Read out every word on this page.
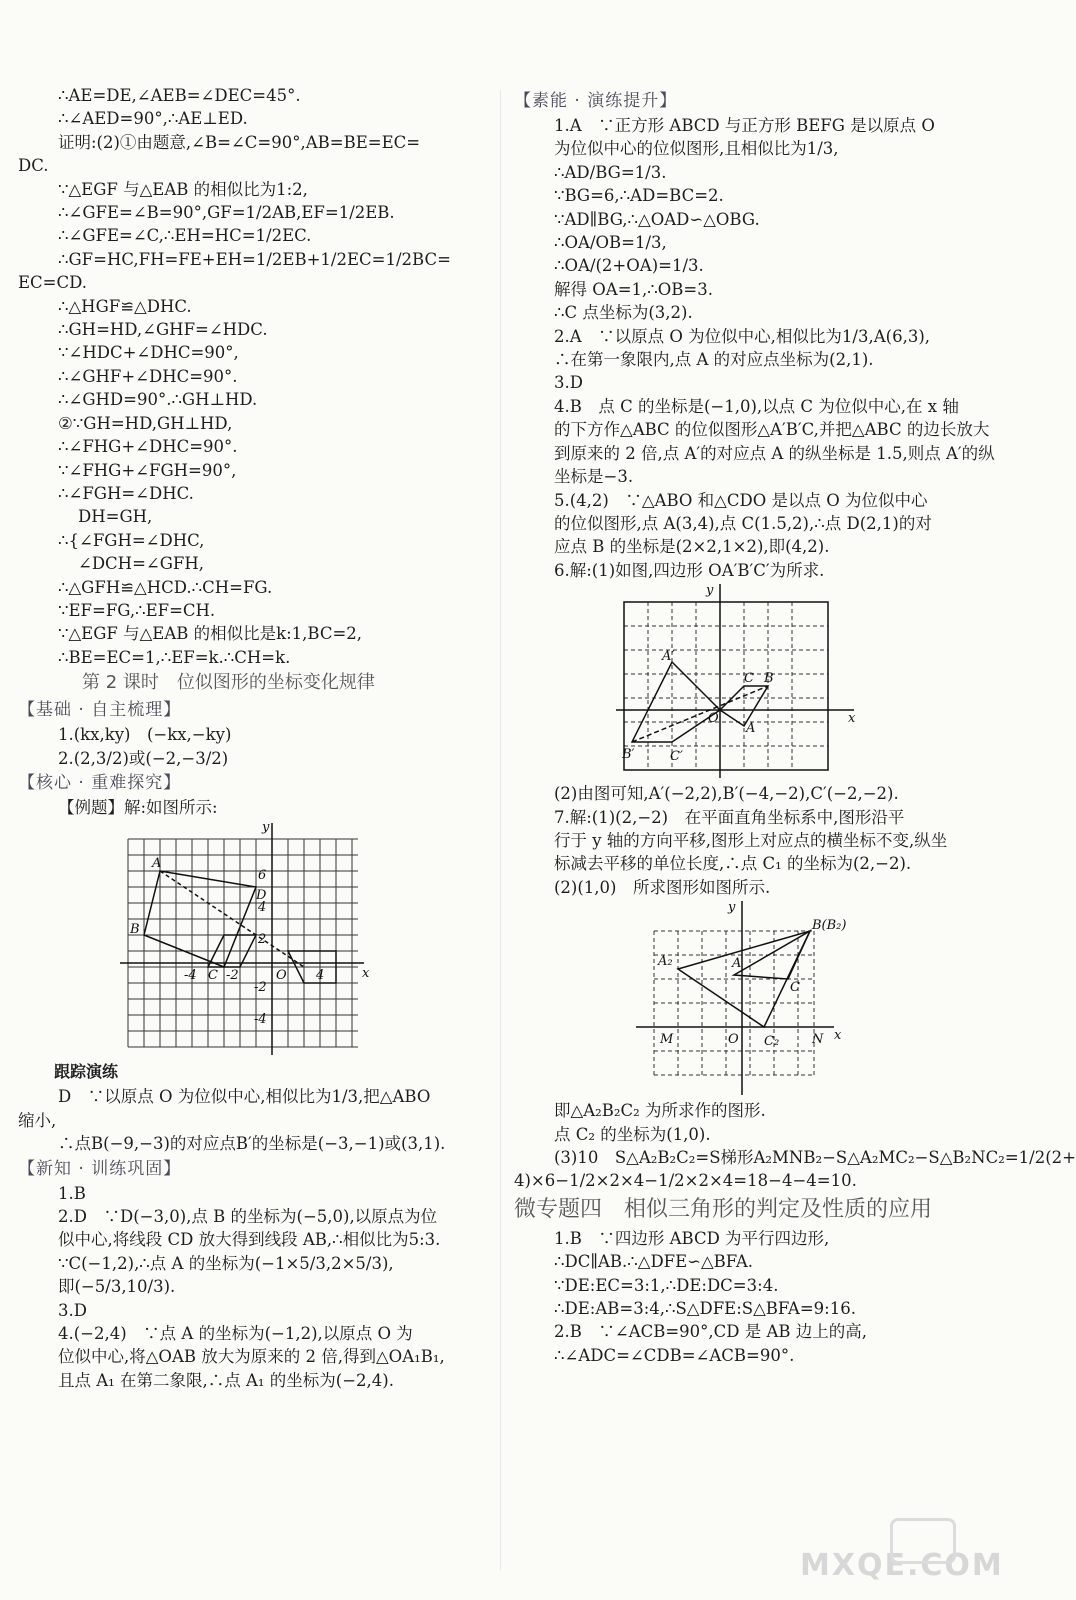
∴AE=DE,∠AEB=∠DEC=45°.
∴∠AED=90°,∴AE⊥ED.
证明:(2)①由题意,∠B=∠C=90°,AB=BE=EC=
DC.
∵△EGF 与△EAB 的相似比为1:2,
∴∠GFE=∠B=90°,GF=1/2AB,EF=1/2EB.
∴∠GFE=∠C,∴EH=HC=1/2EC.
∴GF=HC,FH=FE+EH=1/2EB+1/2EC=1/2BC=
EC=CD.
∴△HGF≌△DHC.
∴GH=HD,∠GHF=∠HDC.
∵∠HDC+∠DHC=90°,
∴∠GHF+∠DHC=90°.
∴∠GHD=90°.∴GH⊥HD.
②∵GH=HD,GH⊥HD,
∴∠FHG+∠DHC=90°.
∵∠FHG+∠FGH=90°,
∴∠FGH=∠DHC.
DH=GH,
∴{∠FGH=∠DHC,
∠DCH=∠GFH,
∴△GFH≌△HCD.∴CH=FG.
∵EF=FG,∴EF=CH.
∵△EGF 与△EAB 的相似比是k:1,BC=2,
∴BE=EC=1,∴EF=k.∴CH=k.
第 2 课时　位似图形的坐标变化规律
【基础 · 自主梳理】
1.(kx,ky)　(−kx,−ky)
2.(2,3/2)或(−2,−3/2)
【核心 · 重难探究】
【例题】解:如图所示:
A
B
C
D
O	x
y
6
4
2
-2
-4
4
-4 -2
跟踪演练
D　∵以原点 O 为位似中心,相似比为1/3,把△ABO
缩小,
∴点B(−9,−3)的对应点B′的坐标是(−3,−1)或(3,1).
【新知 · 训练巩固】
1.B
2.D　∵D(−3,0),点 B 的坐标为(−5,0),以原点为位
似中心,将线段 CD 放大得到线段 AB,∴相似比为5:3.
∵C(−1,2),∴点 A 的坐标为(−1×5/3,2×5/3),
即(−5/3,10/3).
3.D
4.(−2,4)　∵点 A 的坐标为(−1,2),以原点 O 为
位似中心,将△OAB 放大为原来的 2 倍,得到△OA₁B₁,
且点 A₁ 在第二象限,∴点 A₁ 的坐标为(−2,4).
【素能 · 演练提升】
1.A　∵正方形 ABCD 与正方形 BEFG 是以原点 O
为位似中心的位似图形,且相似比为1/3,
∴AD/BG=1/3.
∵BG=6,∴AD=BC=2.
∵AD∥BG,∴△OAD∽△OBG.
∴OA/OB=1/3,
∴OA/(2+OA)=1/3.
解得 OA=1,∴OB=3.
∴C 点坐标为(3,2).
2.A　∵以原点 O 为位似中心,相似比为1/3,A(6,3),
∴在第一象限内,点 A 的对应点坐标为(2,1).
3.D
4.B　点 C 的坐标是(−1,0),以点 C 为位似中心,在 x 轴
的下方作△ABC 的位似图形△A′B′C,并把△ABC 的边长放大
到原来的 2 倍,点 A′的对应点 A 的纵坐标是 1.5,则点 A′的纵
坐标是−3.
5.(4,2)　∵△ABO 和△CDO 是以点 O 为位似中心
的位似图形,点 A(3,4),点 C(1.5,2),∴点 D(2,1)的对
应点 B 的坐标是(2×2,1×2),即(4,2).
6.解:(1)如图,四边形 OA′B′C′为所求.
A′
B′	C′
A
B
C
O	x
y
(2)由图可知,A′(−2,2),B′(−4,−2),C′(−2,−2).
7.解:(1)(2,−2)　在平面直角坐标系中,图形沿平
行于 y 轴的方向平移,图形上对应点的横坐标不变,纵坐
标减去平移的单位长度,∴点 C₁ 的坐标为(2,−2).
(2)(1,0)　所求图形如图所示.
B(B₂)
A₂	A
C
M	O C₂	N x
y
即△A₂B₂C₂ 为所求作的图形.
点 C₂ 的坐标为(1,0).
(3)10　S△A₂B₂C₂=S梯形A₂MNB₂−S△A₂MC₂−S△B₂NC₂=1/2(2+
4)×6−1/2×2×4−1/2×2×4=18−4−4=10.
微专题四　相似三角形的判定及性质的应用
1.B　∵四边形 ABCD 为平行四边形,
∴DC∥AB.∴△DFE∽△BFA.
∵DE:EC=3:1,∴DE:DC=3:4.
∴DE:AB=3:4,∴S△DFE:S△BFA=9:16.
2.B　∵∠ACB=90°,CD 是 AB 边上的高,
∴∠ADC=∠CDB=∠ACB=90°.
MXQE.COM
